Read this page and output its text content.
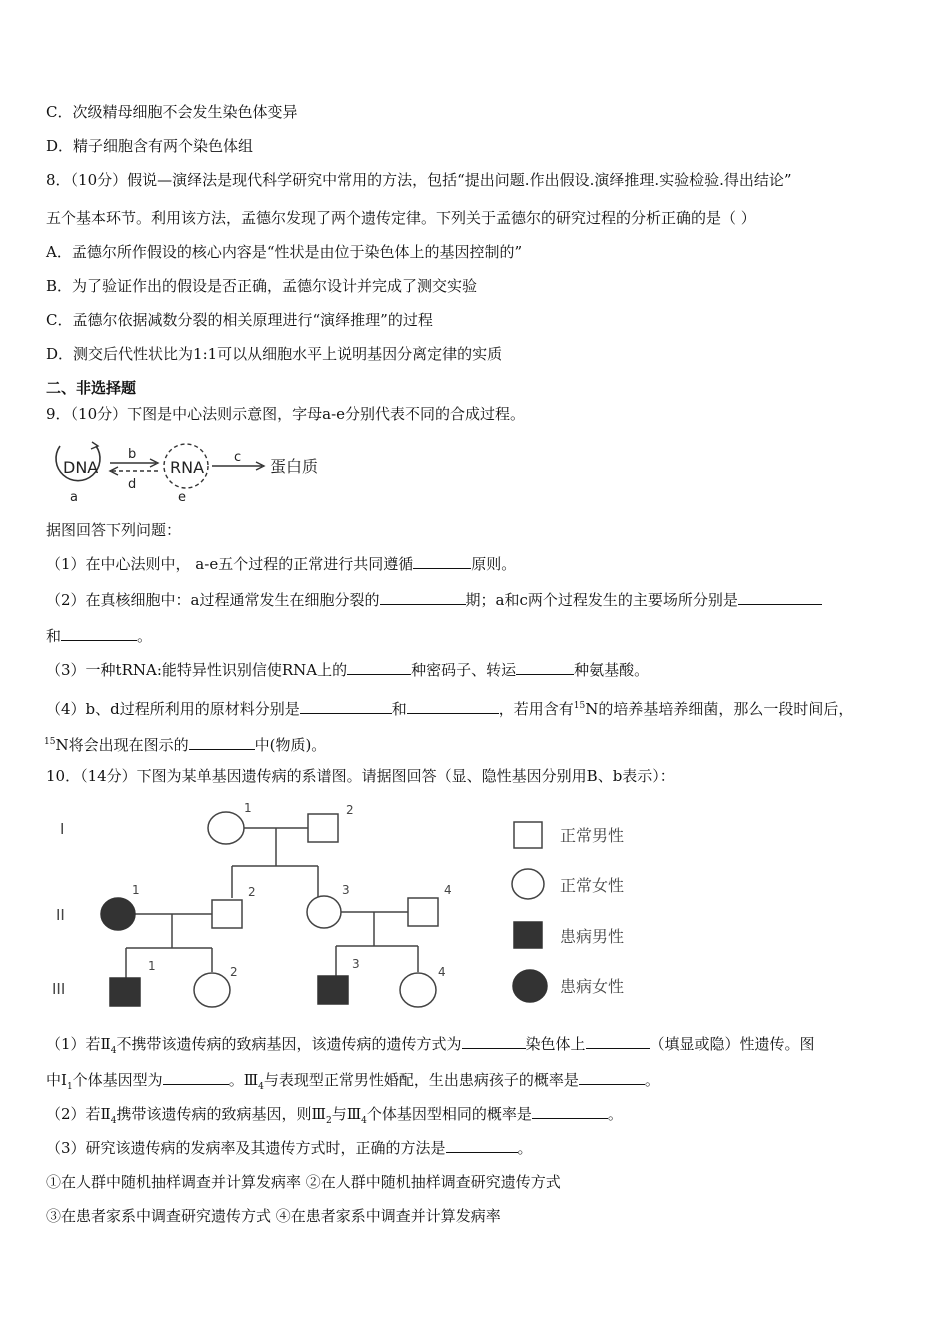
C．次级精母细胞不会发生染色体变异
D．精子细胞含有两个染色体组
8．（10分）假说—演绎法是现代科学研究中常用的方法，包括“提出问题.作出假设.演绎推理.实验检验.得出结论”
五个基本环节。利用该方法，孟德尔发现了两个遗传定律。下列关于孟德尔的研究过程的分析正确的是（ ）
A．孟德尔所作假设的核心内容是“性状是由位于染色体上的基因控制的”
B．为了验证作出的假设是否正确，孟德尔设计并完成了测交实验
C．孟德尔依据减数分裂的相关原理进行“演绎推理”的过程
D．测交后代性状比为1:1可以从细胞水平上说明基因分离定律的实质
二、非选择题
9．（10分）下图是中心法则示意图，字母a-e分别代表不同的合成过程。
DNA
a
b
d
RNA
e
c 蛋白质
据图回答下列问题：
（1）在中心法则中， a-e五个过程的正常进行共同遵循	原则。
（2）在真核细胞中：a过程通常发生在细胞分裂的	期；a和c两个过程发生的主要场所分别是
和	。
（3）一种tRNA:能特异性识别信使RNA上的	种密码子、转运	种氨基酸。
（4）b、d过程所利用的原材料分别是	和	，若用含有$^{15}$N的培养基培养细菌，那么一段时间后，
$^{15}$N将会出现在图示的	中(物质)。
10．（14分）下图为某单基因遗传病的系谱图。请据图回答（显、隐性基因分别用B、b表示）：
I
II
III
1	2
1	2	3	4
1	2
3
4
正常男性
正常女性
患病男性
患病女性
（1）若$Ⅱ_4$不携带该遗传病的致病基因，该遗传病的遗传方式为	染色体上	（填显或隐）性遗传。图
中$Ⅰ_1$个体基因型为	。$Ⅲ_4$与表现型正常男性婚配，生出患病孩子的概率是	。
（2）若$Ⅱ_4$携带该遗传病的致病基因，则$Ⅲ_2$与$Ⅲ_4$个体基因型相同的概率是	。
（3）研究该遗传病的发病率及其遗传方式时，正确的方法是	。
①在人群中随机抽样调查并计算发病率 ②在人群中随机抽样调查研究遗传方式
③在患者家系中调查研究遗传方式 ④在患者家系中调查并计算发病率
